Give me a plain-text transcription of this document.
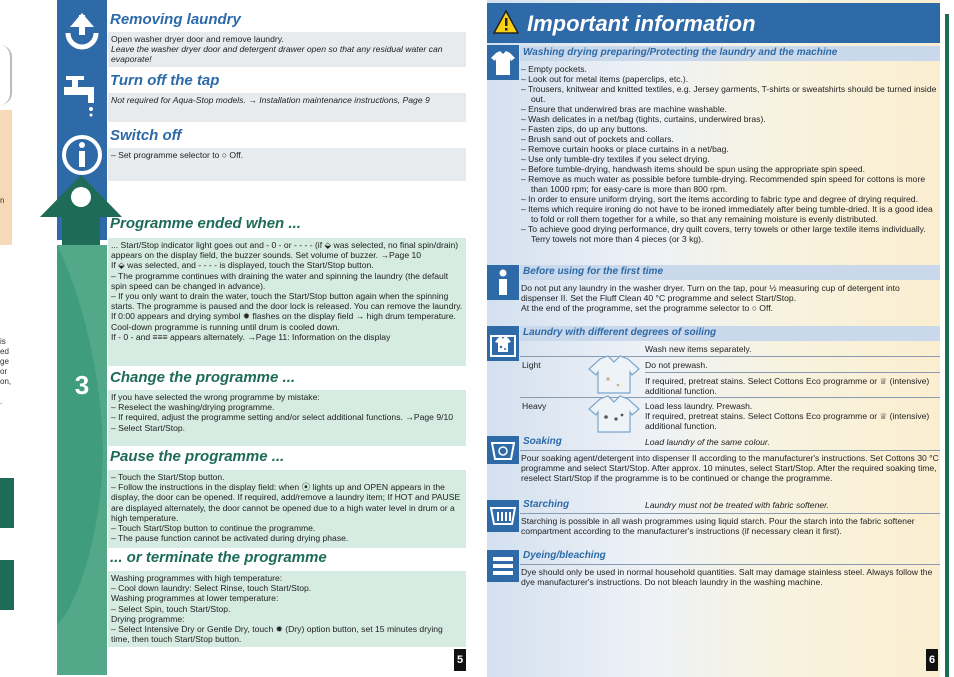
n
is
ed
ge
or
on,
.
3
Removing laundry

Open washer dryer door and remove laundry.

Leave the washer dryer door and detergent drawer open so that any residual water can evaporate!

Turn off the tap

Not required for Aqua-Stop models. → Installation maintenance instructions, Page 9

Switch off

– Set programme selector to ○ Off.

Programme ended when ...

... Start/Stop indicator light goes out and - 0 - or - - - - (if ⬙ was selected, no final spin/drain) appears on the display field, the buzzer sounds. Set volume of buzzer. →Page 10

If ⬙ was selected, and - - - - is displayed, touch the Start/Stop button.

– The programme continues with draining the water and spinning the laundry (the default spin speed can be changed in advance).

– If you only want to drain the water, touch the Start/Stop button again when the spinning starts. The programme is paused and the door lock is released. You can remove the laundry.

If 0:00 appears and drying symbol ✹ flashes on the display field → high drum temperature. Cool-down programme is running until drum is cooled down.

If - 0 - and ≡≡≡ appears alternately. →Page 11: Information on the display

Change the programme ...

If you have selected the wrong programme by mistake:

– Reselect the washing/drying programme.

– If required, adjust the programme setting and/or select additional functions. →Page 9/10

– Select Start/Stop.

Pause the programme ...

– Touch the Start/Stop button.

– Follow the instructions in the display field: when ⦿ lights up and OPEN appears in the display, the door can be opened. If required, add/remove a laundry item; If HOT and PAUSE are displayed alternately, the door cannot be opened due to a high water level in drum or a high temperature.

– Touch Start/Stop button to continue the programme.

– The pause function cannot be activated during drying phase.

... or terminate the programme

Washing programmes with high temperature:

– Cool down laundry: Select Rinse, touch Start/Stop.

Washing programmes at lower temperature:

– Select Spin, touch Start/Stop.

Drying programme:

– Select Intensive Dry or Gentle Dry, touch ✹ (Dry) option button, set 15 minutes drying time, then touch Start/Stop button.

5
Important information
Washing drying preparing/Protecting the laundry and the machine
– Empty pockets.
– Look out for metal items (paperclips, etc.).
– Trousers, knitwear and knitted textiles, e.g. Jersey garments, T-shirts or sweatshirts should be turned inside out.
– Ensure that underwired bras are machine washable.
– Wash delicates in a net/bag (tights, curtains, underwired bras).
– Fasten zips, do up any buttons.
– Brush sand out of pockets and collars.
– Remove curtain hooks or place curtains in a net/bag.
– Use only tumble-dry textiles if you select drying.
– Before tumble-drying, handwash items should be spun using the appropriate spin speed.
– Remove as much water as possible before tumble-drying. Recommended spin speed for cottons is more than 1000 rpm; for easy-care is more than 800 rpm.
– In order to ensure uniform drying, sort the items according to fabric type and degree of drying required.
– Items which require ironing do not have to be ironed immediately after being tumble-dried. It is a good idea to fold or roll them together for a while, so that any remaining moisture is evenly distributed.
– To achieve good drying performance, dry quilt covers, terry towels or other large textile items individually. Terry towels not more than 4 pieces (or 3 kg).
Before using for the first time

Do not put any laundry in the washer dryer. Turn on the tap, pour ½ measuring cup of detergent into dispenser II. Set the Fluff Clean 40 °C programme and select Start/Stop.

At the end of the programme, set the programme selector to ○ Off.

Laundry with different degrees of soiling
Wash new items separately.
Light	Do not prewash.

If required, pretreat stains. Select Cottons Eco programme or ♕ (intensive) additional function.

Heavy	Load less laundry. Prewash.

If required, pretreat stains. Select Cottons Eco programme or ♕ (intensive) additional function.

Soaking	Load laundry of the same colour.
Pour soaking agent/detergent into dispenser II according to the manufacturer's instructions. Set Cottons 30 °C programme and select Start/Stop. After approx. 10 minutes, select Start/Stop. After the required soaking time, reselect Start/Stop if the programme is to be continued or change the programme.
Starching	Laundry must not be treated with fabric softener.
Starching is possible in all wash programmes using liquid starch. Pour the starch into the fabric softener compartment according to the manufacturer's instructions (if necessary clean it first).
Dyeing/bleaching
Dye should only be used in normal household quantities. Salt may damage stainless steel. Always follow the dye manufacturer's instructions. Do not bleach laundry in the washing machine.
6
